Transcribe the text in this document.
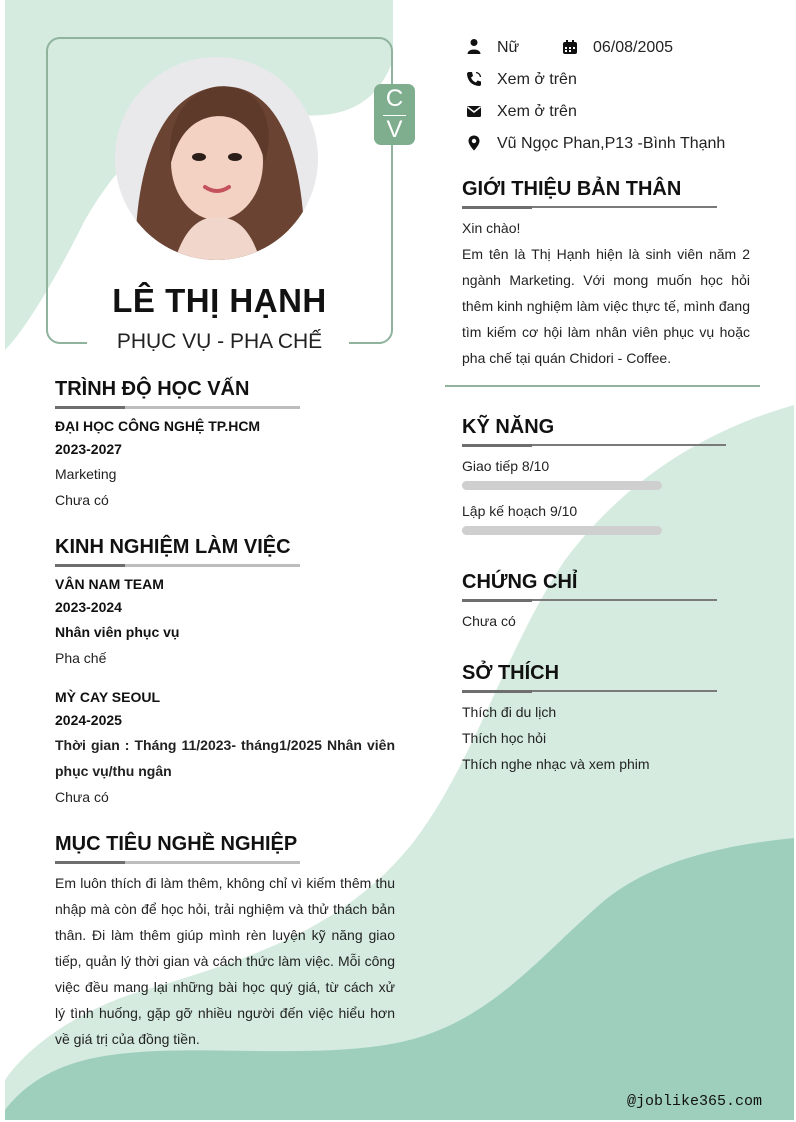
C
V
LÊ THỊ HẠNH
PHỤC VỤ - PHA CHẾ
Nữ	06/08/2005
Xem ở trên
Xem ở trên
Vũ Ngọc Phan,P13 -Bình Thạnh
GIỚI THIỆU BẢN THÂN
Xin chào!
Em tên là Thị Hạnh hiện là sinh viên năm 2 ngành Marketing. Với mong muốn học hỏi thêm kinh nghiệm làm việc thực tế, mình đang tìm kiếm cơ hội làm nhân viên phục vụ hoặc pha chế tại quán Chidori - Coffee.
TRÌNH ĐỘ HỌC VẤN
ĐẠI HỌC CÔNG NGHỆ TP.HCM
2023-2027
Marketing
Chưa có
KINH NGHIỆM LÀM VIỆC
VÂN NAM TEAM
2023-2024
Nhân viên phục vụ
Pha chế
MỲ CAY SEOUL
2024-2025
Thời gian : Tháng 11/2023- tháng1/2025 Nhân viên phục vụ/thu ngân
Chưa có
MỤC TIÊU NGHỀ NGHIỆP
Em luôn thích đi làm thêm, không chỉ vì kiếm thêm thu nhập mà còn để học hỏi, trải nghiệm và thử thách bản thân. Đi làm thêm giúp mình rèn luyện kỹ năng giao tiếp, quản lý thời gian và cách thức làm việc. Mỗi công việc đều mang lại những bài học quý giá, từ cách xử lý tình huống, gặp gỡ nhiều người đến việc hiểu hơn về giá trị của đồng tiền.
KỸ NĂNG
Giao tiếp 8/10
Lập kế hoạch 9/10
CHỨNG CHỈ
Chưa có
SỞ THÍCH
Thích đi du lịch
Thích học hỏi
Thích nghe nhạc và xem phim
@joblike365.com
